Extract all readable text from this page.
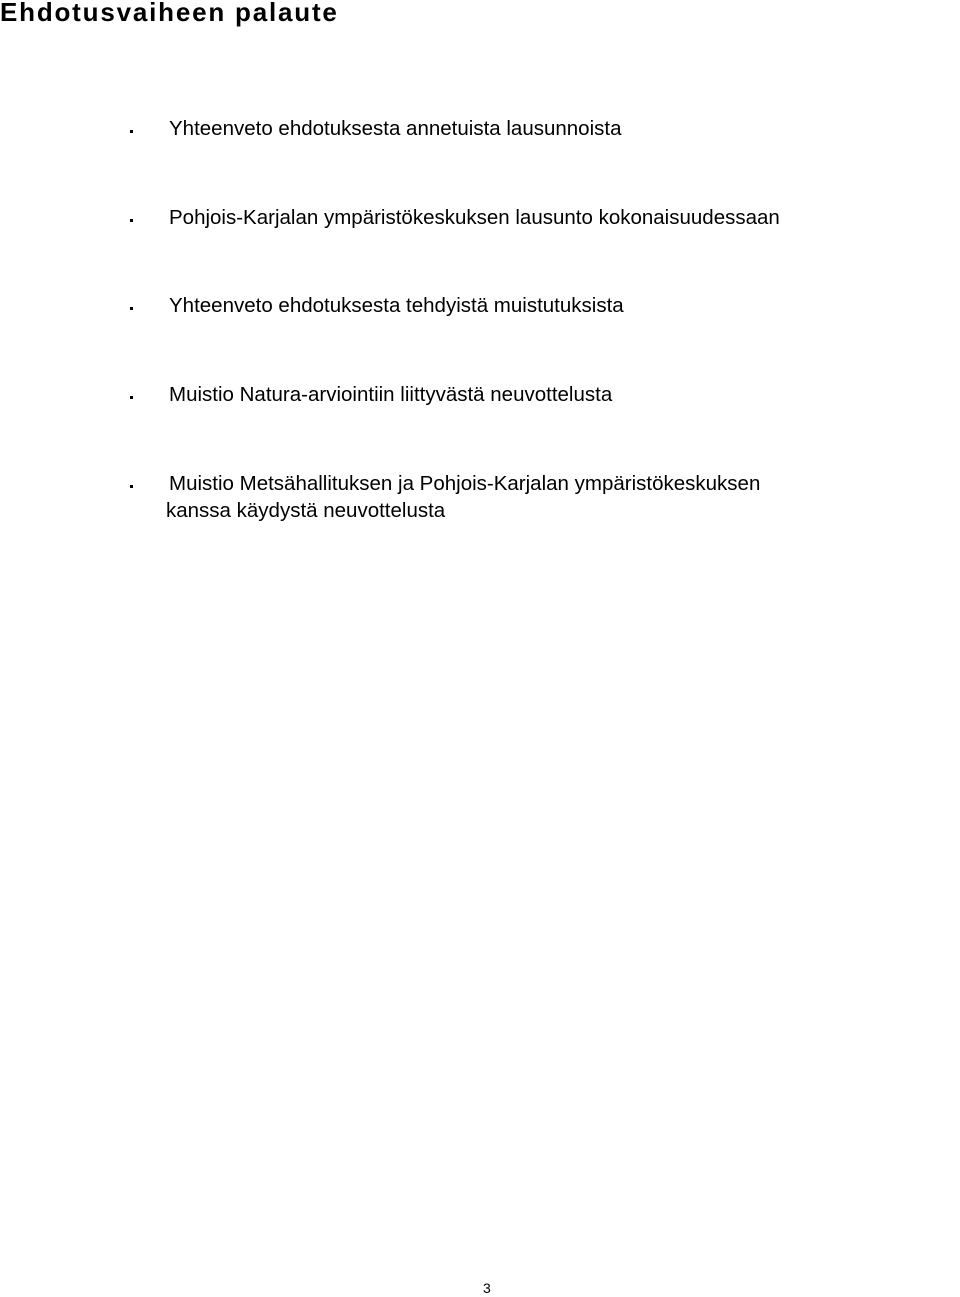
Ehdotusvaiheen palaute
Yhteenveto ehdotuksesta annetuista lausunnoista
Pohjois-Karjalan ympäristökeskuksen lausunto kokonaisuudessaan
Yhteenveto ehdotuksesta tehdyistä muistutuksista
Muistio Natura-arviointiin liittyvästä neuvottelusta
Muistio Metsähallituksen ja Pohjois-Karjalan ympäristökeskuksen
kanssa käydystä neuvottelusta
3
